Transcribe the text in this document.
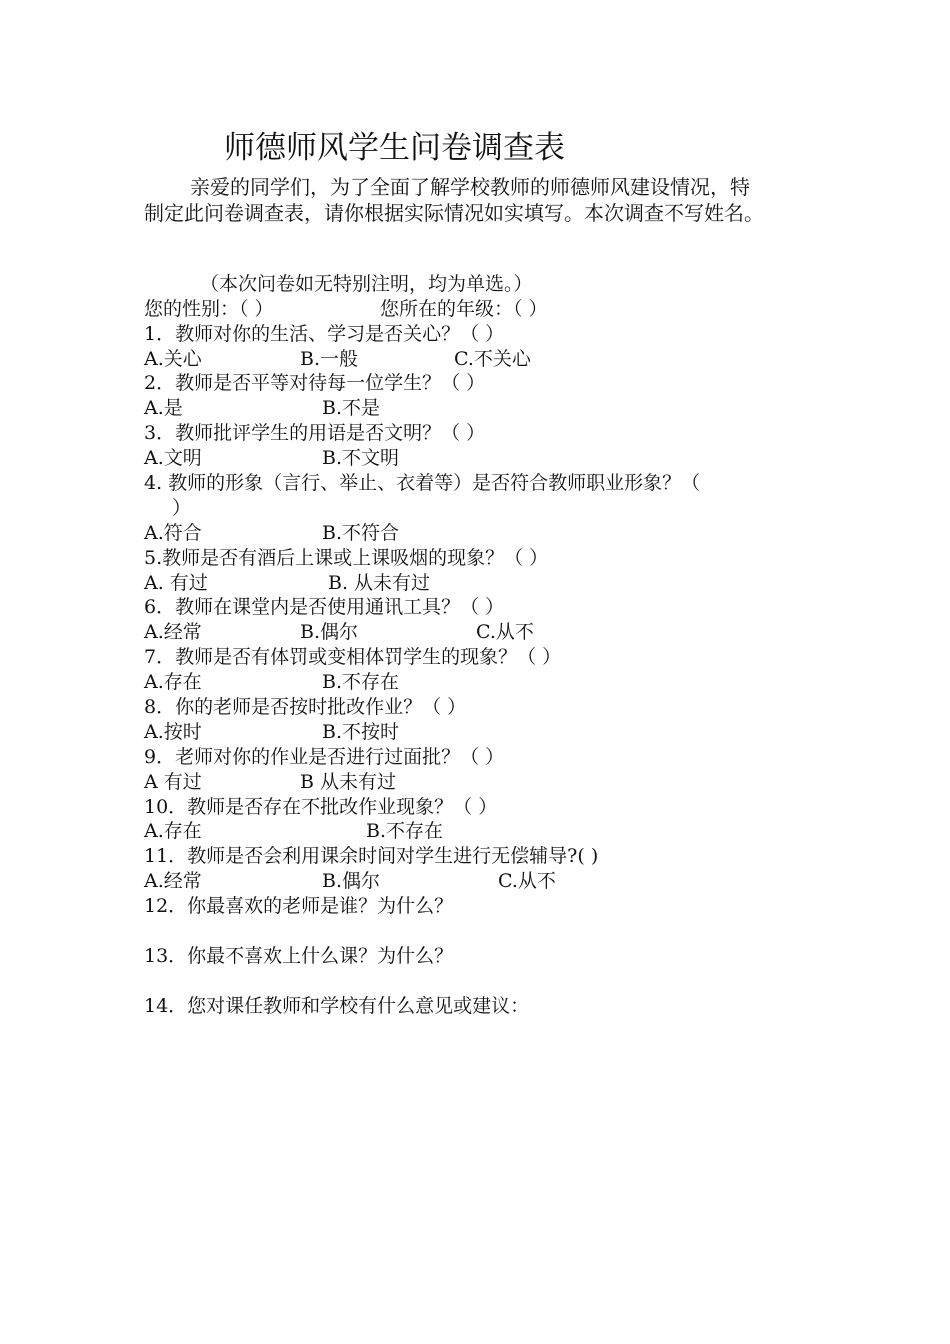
师德师风学生问卷调查表
亲爱的同学们，为了全面了解学校教师的师德师风建设情况，特
制定此问卷调查表，请你根据实际情况如实填写。本次调查不写姓名。
（本次问卷如无特别注明，均为单选。）
您的性别：（ ）	您所在的年级：（ ）
1．教师对你的生活、学习是否关心？（ ）
A.关心	B.一般	C.不关心
2．教师是否平等对待每一位学生？（ ）
A.是	B.不是
3．教师批评学生的用语是否文明？（ ）
A.文明	B.不文明
4. 教师的形象（言行、举止、衣着等）是否符合教师职业形象？（
）
A.符合	B.不符合
5.教师是否有酒后上课或上课吸烟的现象？（ ）
A. 有过	B. 从未有过
6．教师在课堂内是否使用通讯工具？（ ）
A.经常	B.偶尔	C.从不
7．教师是否有体罚或变相体罚学生的现象？（ ）
A.存在	B.不存在
8．你的老师是否按时批改作业？（ ）
A.按时	B.不按时
9．老师对你的作业是否进行过面批？（ ）
A 有过	B 从未有过
10．教师是否存在不批改作业现象？（ ）
A.存在	B.不存在
11．教师是否会利用课余时间对学生进行无偿辅导?( )
A.经常	B.偶尔	C.从不
12．你最喜欢的老师是谁？为什么？
13．你最不喜欢上什么课？为什么？
14．您对课任教师和学校有什么意见或建议：
